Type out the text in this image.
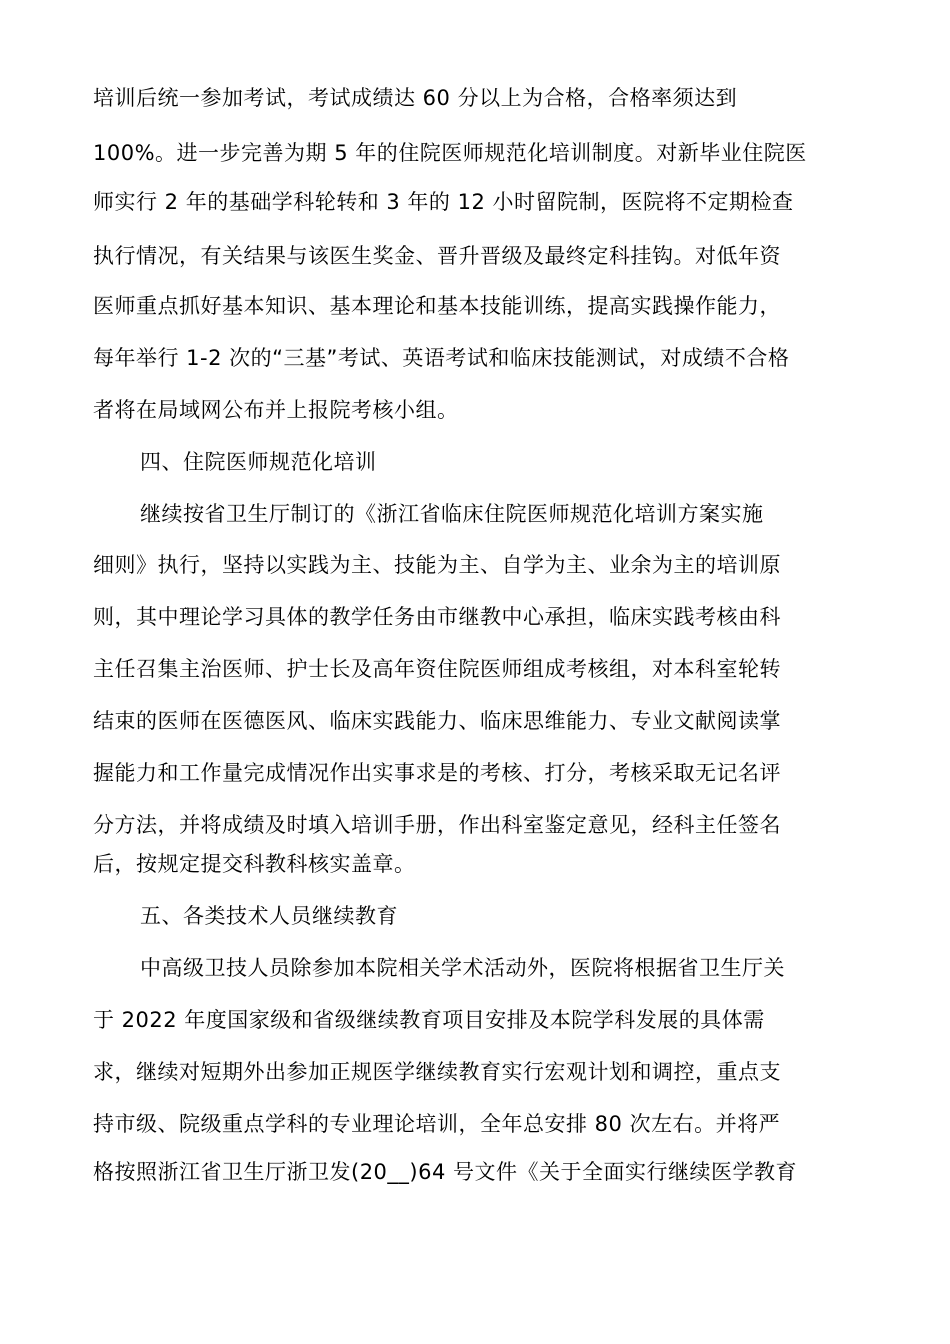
培训后统一参加考试，考试成绩达 60 分以上为合格，合格率须达到
100%。进一步完善为期 5 年的住院医师规范化培训制度。对新毕业住院医
师实行 2 年的基础学科轮转和 3 年的 12 小时留院制，医院将不定期检查
执行情况，有关结果与该医生奖金、晋升晋级及最终定科挂钩。对低年资
医师重点抓好基本知识、基本理论和基本技能训练，提高实践操作能力，
每年举行 1-2 次的“三基”考试、英语考试和临床技能测试，对成绩不合格
者将在局域网公布并上报院考核小组。
四、住院医师规范化培训
继续按省卫生厅制订的《浙江省临床住院医师规范化培训方案实施
细则》执行，坚持以实践为主、技能为主、自学为主、业余为主的培训原
则，其中理论学习具体的教学任务由市继教中心承担，临床实践考核由科
主任召集主治医师、护士长及高年资住院医师组成考核组，对本科室轮转
结束的医师在医德医风、临床实践能力、临床思维能力、专业文献阅读掌
握能力和工作量完成情况作出实事求是的考核、打分，考核采取无记名评
分方法，并将成绩及时填入培训手册，作出科室鉴定意见，经科主任签名
后，按规定提交科教科核实盖章。
五、各类技术人员继续教育
中高级卫技人员除参加本院相关学术活动外，医院将根据省卫生厅关
于 2022 年度国家级和省级继续教育项目安排及本院学科发展的具体需
求，继续对短期外出参加正规医学继续教育实行宏观计划和调控，重点支
持市级、院级重点学科的专业理论培训，全年总安排 80 次左右。并将严
格按照浙江省卫生厅浙卫发(20__)64 号文件《关于全面实行继续医学教育
